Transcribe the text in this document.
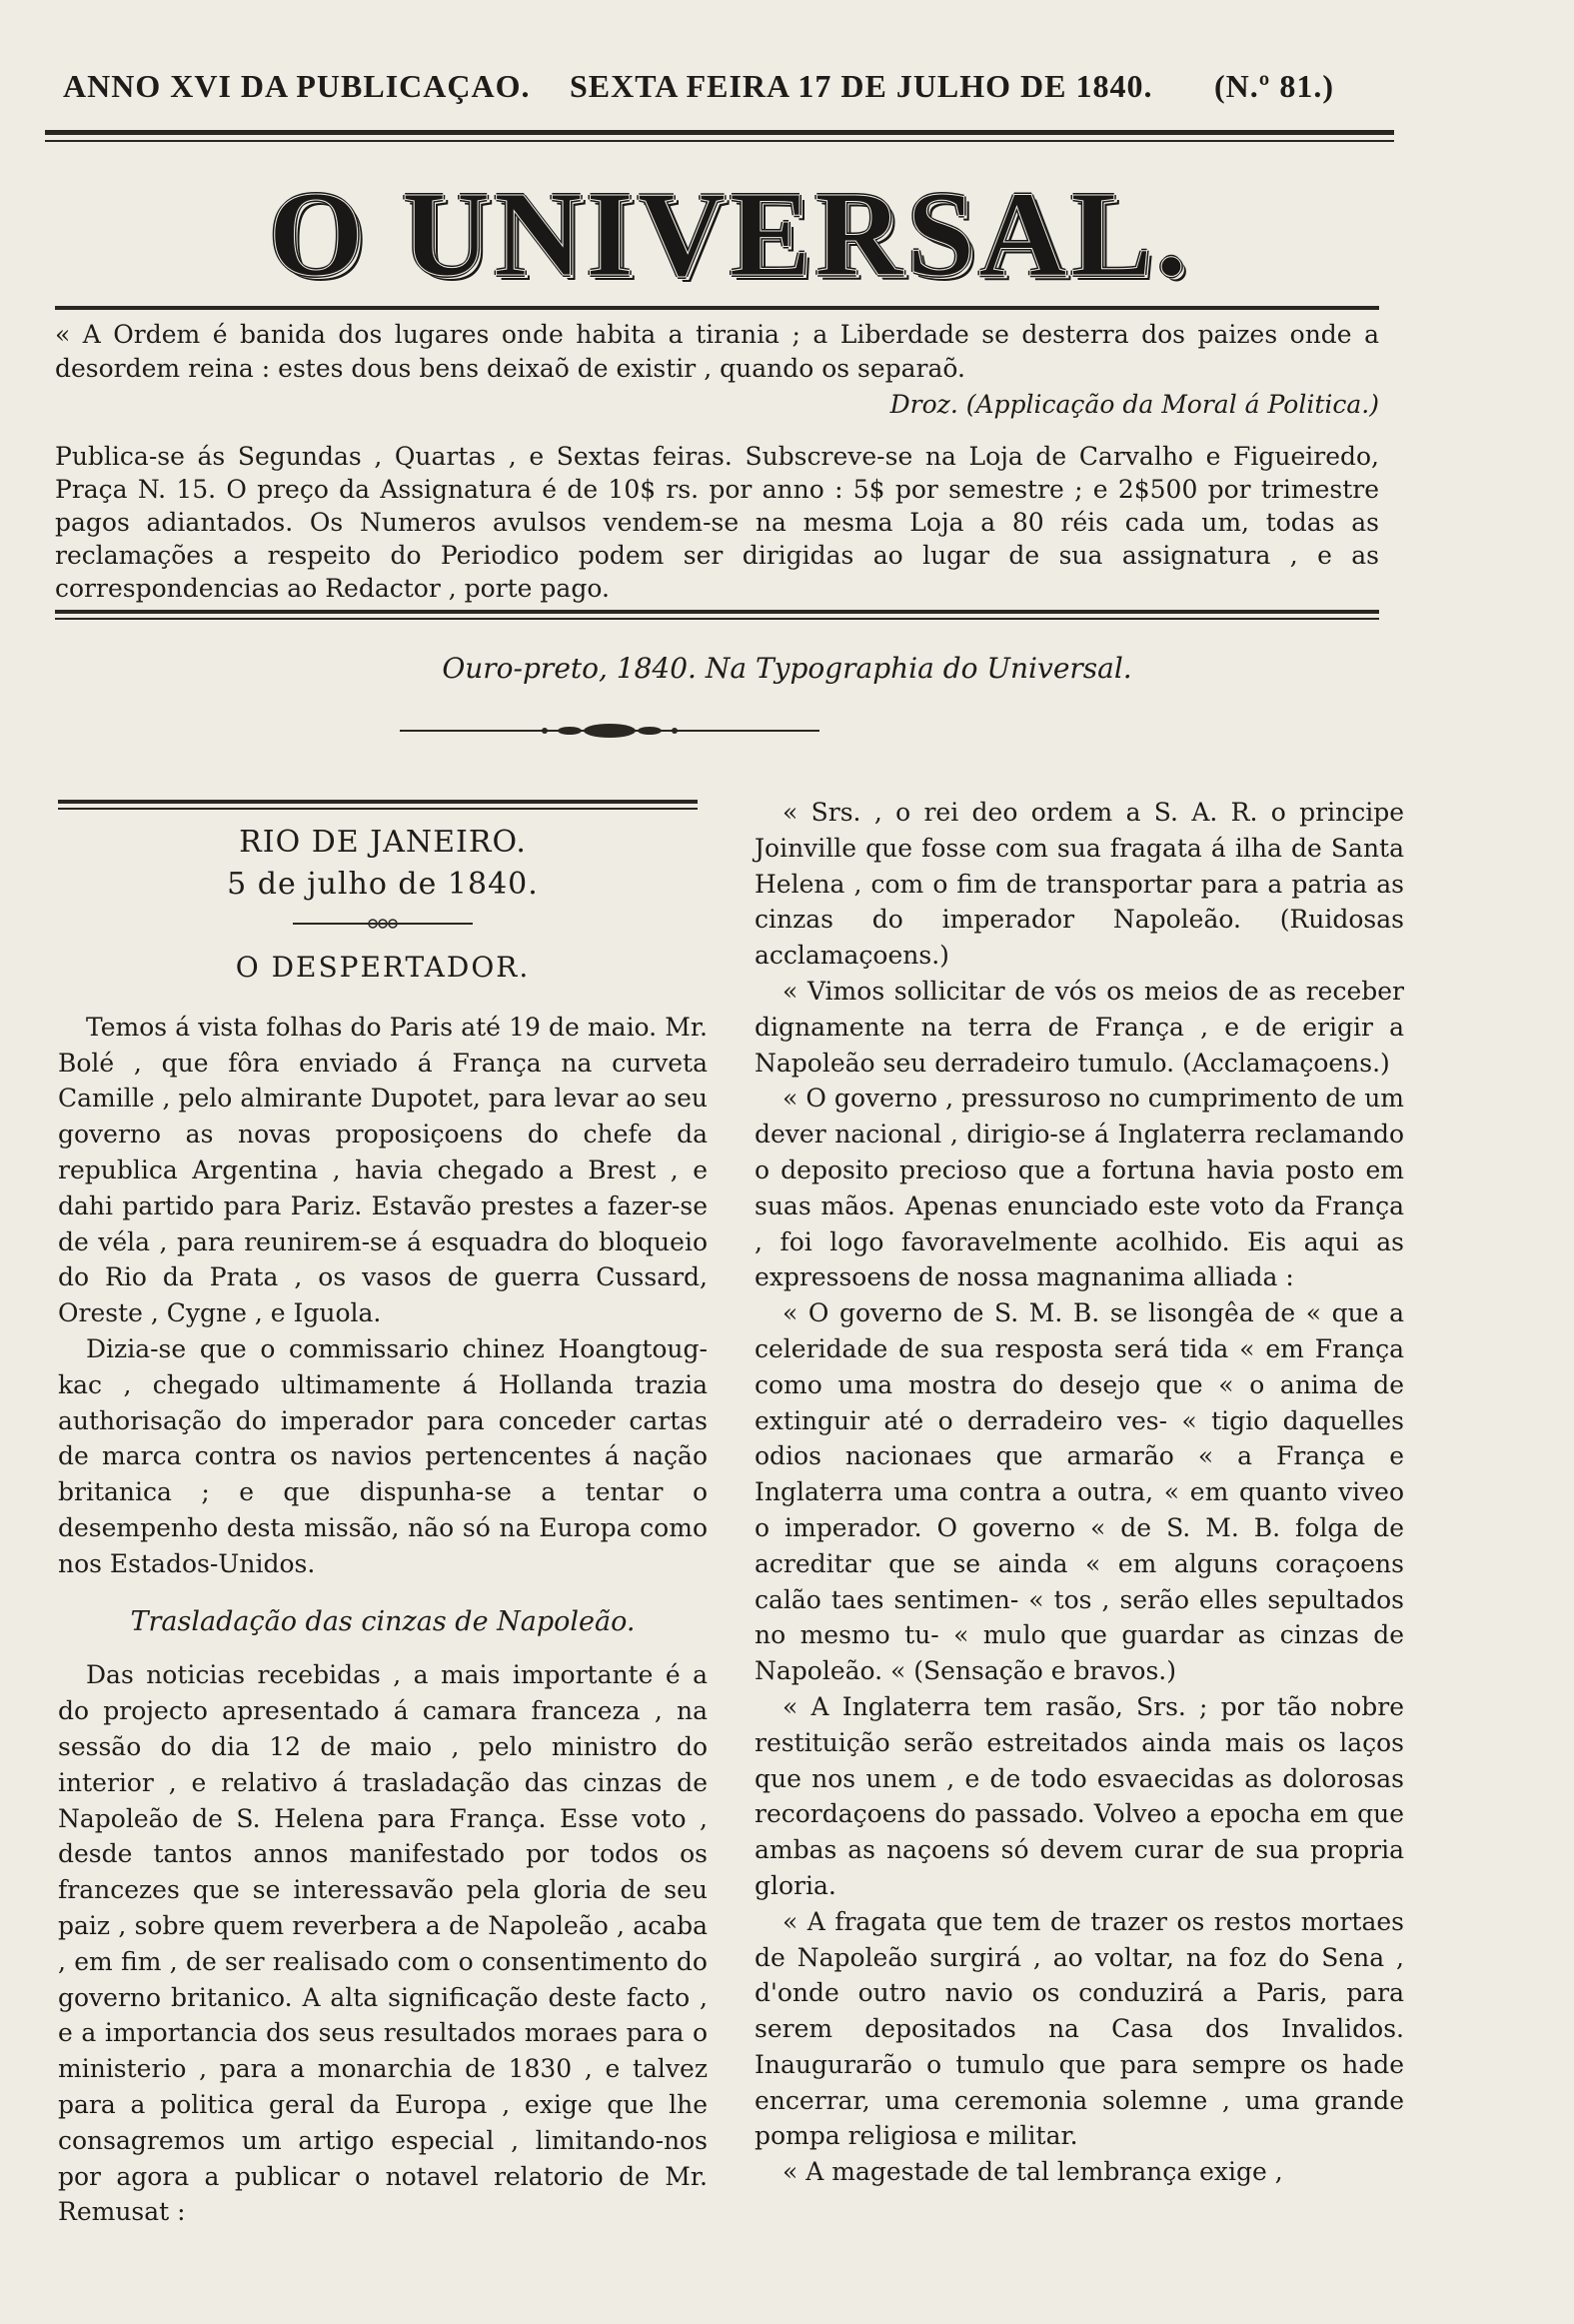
ANNO XVI DA PUBLICAÇAO. SEXTA FEIRA 17 DE JULHO DE 1840. (N.º 81.)
O UNIVERSAL.

« A Ordem é banida dos lugares onde habita a tirania ; a Liberdade se desterra dos paizes onde a desordem reina : estes dous bens deixaõ de existir , quando os separaõ.

Droz. (Applicação da Moral á Politica.)

Publica-se ás Segundas , Quartas , e Sextas feiras. Subscreve-se na Loja de Carvalho e Figueiredo, Praça N. 15. O preço da Assignatura é de 10$ rs. por anno : 5$ por semestre ; e 2$500 por trimestre pagos adiantados. Os Numeros avulsos vendem-se na mesma Loja a 80 réis cada um, todas as reclamações a respeito do Periodico podem ser dirigidas ao lugar de sua assignatura , e as correspondencias ao Redactor , porte pago.

Ouro-preto, 1840. Na Typographia do Universal.

RIO DE JANEIRO.

5 de julho de 1840.

O DESPERTADOR.

Temos á vista folhas do Paris até 19 de maio. Mr. Bolé , que fôra enviado á França na curveta Camille , pelo almirante Dupotet, para levar ao seu governo as novas proposiçoens do chefe da republica Argentina , havia chegado a Brest , e dahi partido para Pariz. Estavão prestes a fazer-se de véla , para reunirem-se á esquadra do bloqueio do Rio da Prata , os vasos de guerra Cussard, Oreste , Cygne , e Iguola.

Dizia-se que o commissario chinez Hoangtoug-kac , chegado ultimamente á Hollanda trazia authorisação do imperador para conceder cartas de marca contra os navios pertencentes á nação britanica ; e que dispunha-se a tentar o desempenho desta missão, não só na Europa como nos Estados-Unidos.

Trasladação das cinzas de Napoleão.

Das noticias recebidas , a mais importante é a do projecto apresentado á camara franceza , na sessão do dia 12 de maio , pelo ministro do interior , e relativo á trasladação das cinzas de Napoleão de S. Helena para França. Esse voto , desde tantos annos manifestado por todos os francezes que se interessavão pela gloria de seu paiz , sobre quem reverbera a de Napoleão , acaba , em fim , de ser realisado com o consentimento do governo britanico. A alta significação deste facto , e a importancia dos seus resultados moraes para o ministerio , para a monarchia de 1830 , e talvez para a politica geral da Europa , exige que lhe consagremos um artigo especial , limitando-nos por agora a publicar o notavel relatorio de Mr. Remusat :

« Srs. , o rei deo ordem a S. A. R. o principe Joinville que fosse com sua fragata á ilha de Santa Helena , com o fim de transportar para a patria as cinzas do imperador Napoleão. (Ruidosas acclamaçoens.)

« Vimos sollicitar de vós os meios de as receber dignamente na terra de França , e de erigir a Napoleão seu derradeiro tumulo. (Acclamaçoens.)

« O governo , pressuroso no cumprimento de um dever nacional , dirigio-se á Inglaterra reclamando o deposito precioso que a fortuna havia posto em suas mãos. Apenas enunciado este voto da França , foi logo favoravelmente acolhido. Eis aqui as expressoens de nossa magnanima alliada :

« O governo de S. M. B. se lisongêa de « que a celeridade de sua resposta será tida « em França como uma mostra do desejo que « o anima de extinguir até o derradeiro ves- « tigio daquelles odios nacionaes que armarão « a França e Inglaterra uma contra a outra, « em quanto viveo o imperador. O governo « de S. M. B. folga de acreditar que se ainda « em alguns coraçoens calão taes sentimen- « tos , serão elles sepultados no mesmo tu- « mulo que guardar as cinzas de Napoleão. « (Sensação e bravos.)

« A Inglaterra tem rasão, Srs. ; por tão nobre restituição serão estreitados ainda mais os laços que nos unem , e de todo esvaecidas as dolorosas recordaçoens do passado. Volveo a epocha em que ambas as naçoens só devem curar de sua propria gloria.

« A fragata que tem de trazer os restos mortaes de Napoleão surgirá , ao voltar, na foz do Sena , d'onde outro navio os conduzirá a Paris, para serem depositados na Casa dos Invalidos. Inaugurarão o tumulo que para sempre os hade encerrar, uma ceremonia solemne , uma grande pompa religiosa e militar.

« A magestade de tal lembrança exige ,
